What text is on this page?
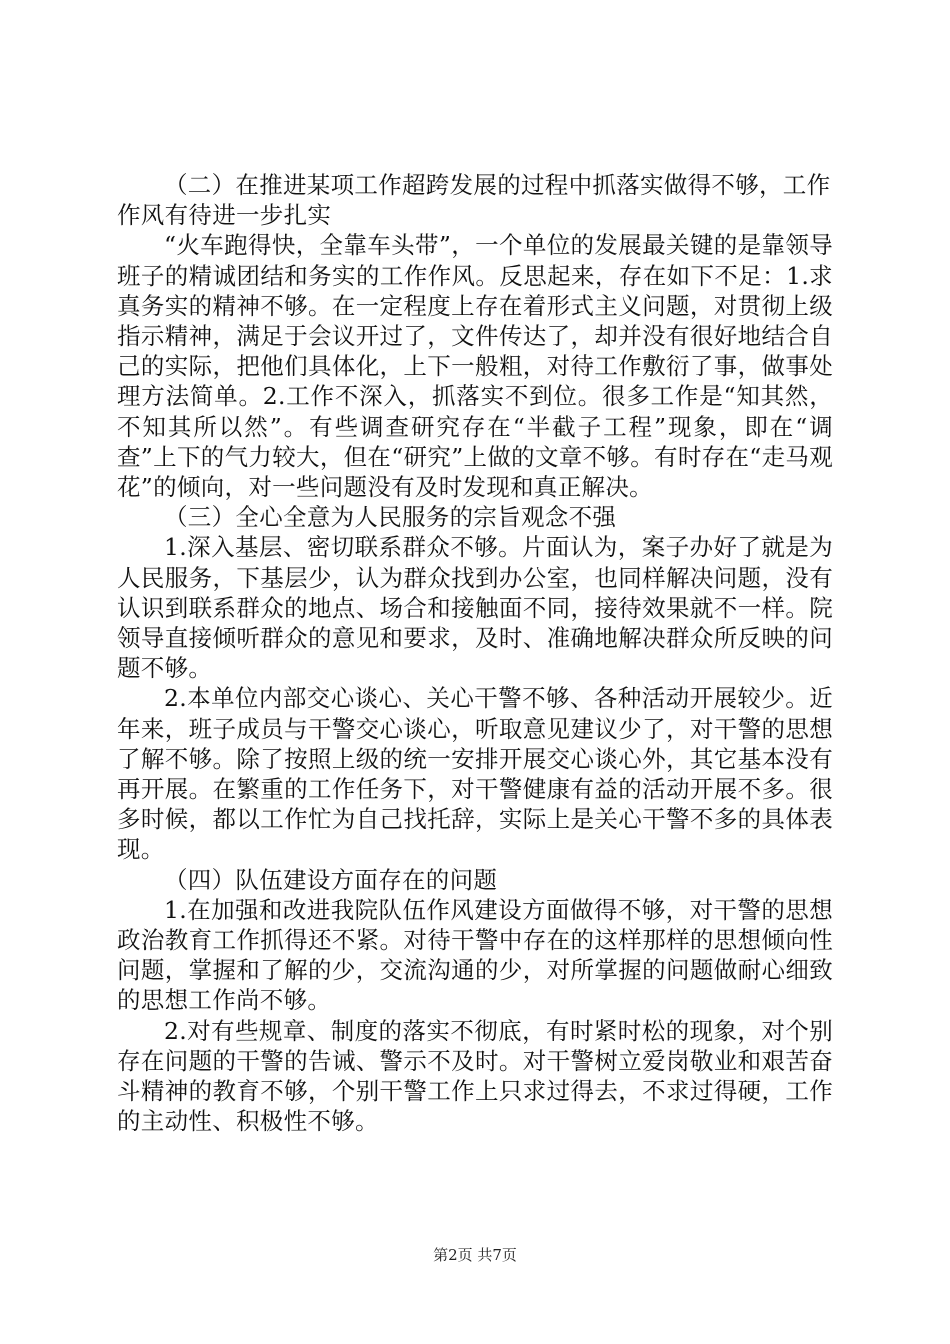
（二）在推进某项工作超跨发展的过程中抓落实做得不够，工作作风有待进一步扎实

“火车跑得快，全靠车头带”，一个单位的发展最关键的是靠领导班子的精诚团结和务实的工作作风。反思起来，存在如下不足：1.求真务实的精神不够。在一定程度上存在着形式主义问题，对贯彻上级指示精神，满足于会议开过了，文件传达了，却并没有很好地结合自己的实际，把他们具体化，上下一般粗，对待工作敷衍了事，做事处理方法简单。2.工作不深入，抓落实不到位。很多工作是“知其然，不知其所以然”。有些调查研究存在“半截子工程”现象，即在“调查”上下的气力较大，但在“研究”上做的文章不够。有时存在“走马观花”的倾向，对一些问题没有及时发现和真正解决。

（三）全心全意为人民服务的宗旨观念不强

1.深入基层、密切联系群众不够。片面认为，案子办好了就是为人民服务，下基层少，认为群众找到办公室，也同样解决问题，没有认识到联系群众的地点、场合和接触面不同，接待效果就不一样。院领导直接倾听群众的意见和要求，及时、准确地解决群众所反映的问题不够。

2.本单位内部交心谈心、关心干警不够、各种活动开展较少。近年来，班子成员与干警交心谈心，听取意见建议少了，对干警的思想了解不够。除了按照上级的统一安排开展交心谈心外，其它基本没有再开展。在繁重的工作任务下，对干警健康有益的活动开展不多。很多时候，都以工作忙为自己找托辞，实际上是关心干警不多的具体表现。

（四）队伍建设方面存在的问题

1.在加强和改进我院队伍作风建设方面做得不够，对干警的思想政治教育工作抓得还不紧。对待干警中存在的这样那样的思想倾向性问题，掌握和了解的少，交流沟通的少，对所掌握的问题做耐心细致的思想工作尚不够。

2.对有些规章、制度的落实不彻底，有时紧时松的现象，对个别存在问题的干警的告诫、警示不及时。对干警树立爱岗敬业和艰苦奋斗精神的教育不够，个别干警工作上只求过得去，不求过得硬，工作的主动性、积极性不够。

第2页 共7页
